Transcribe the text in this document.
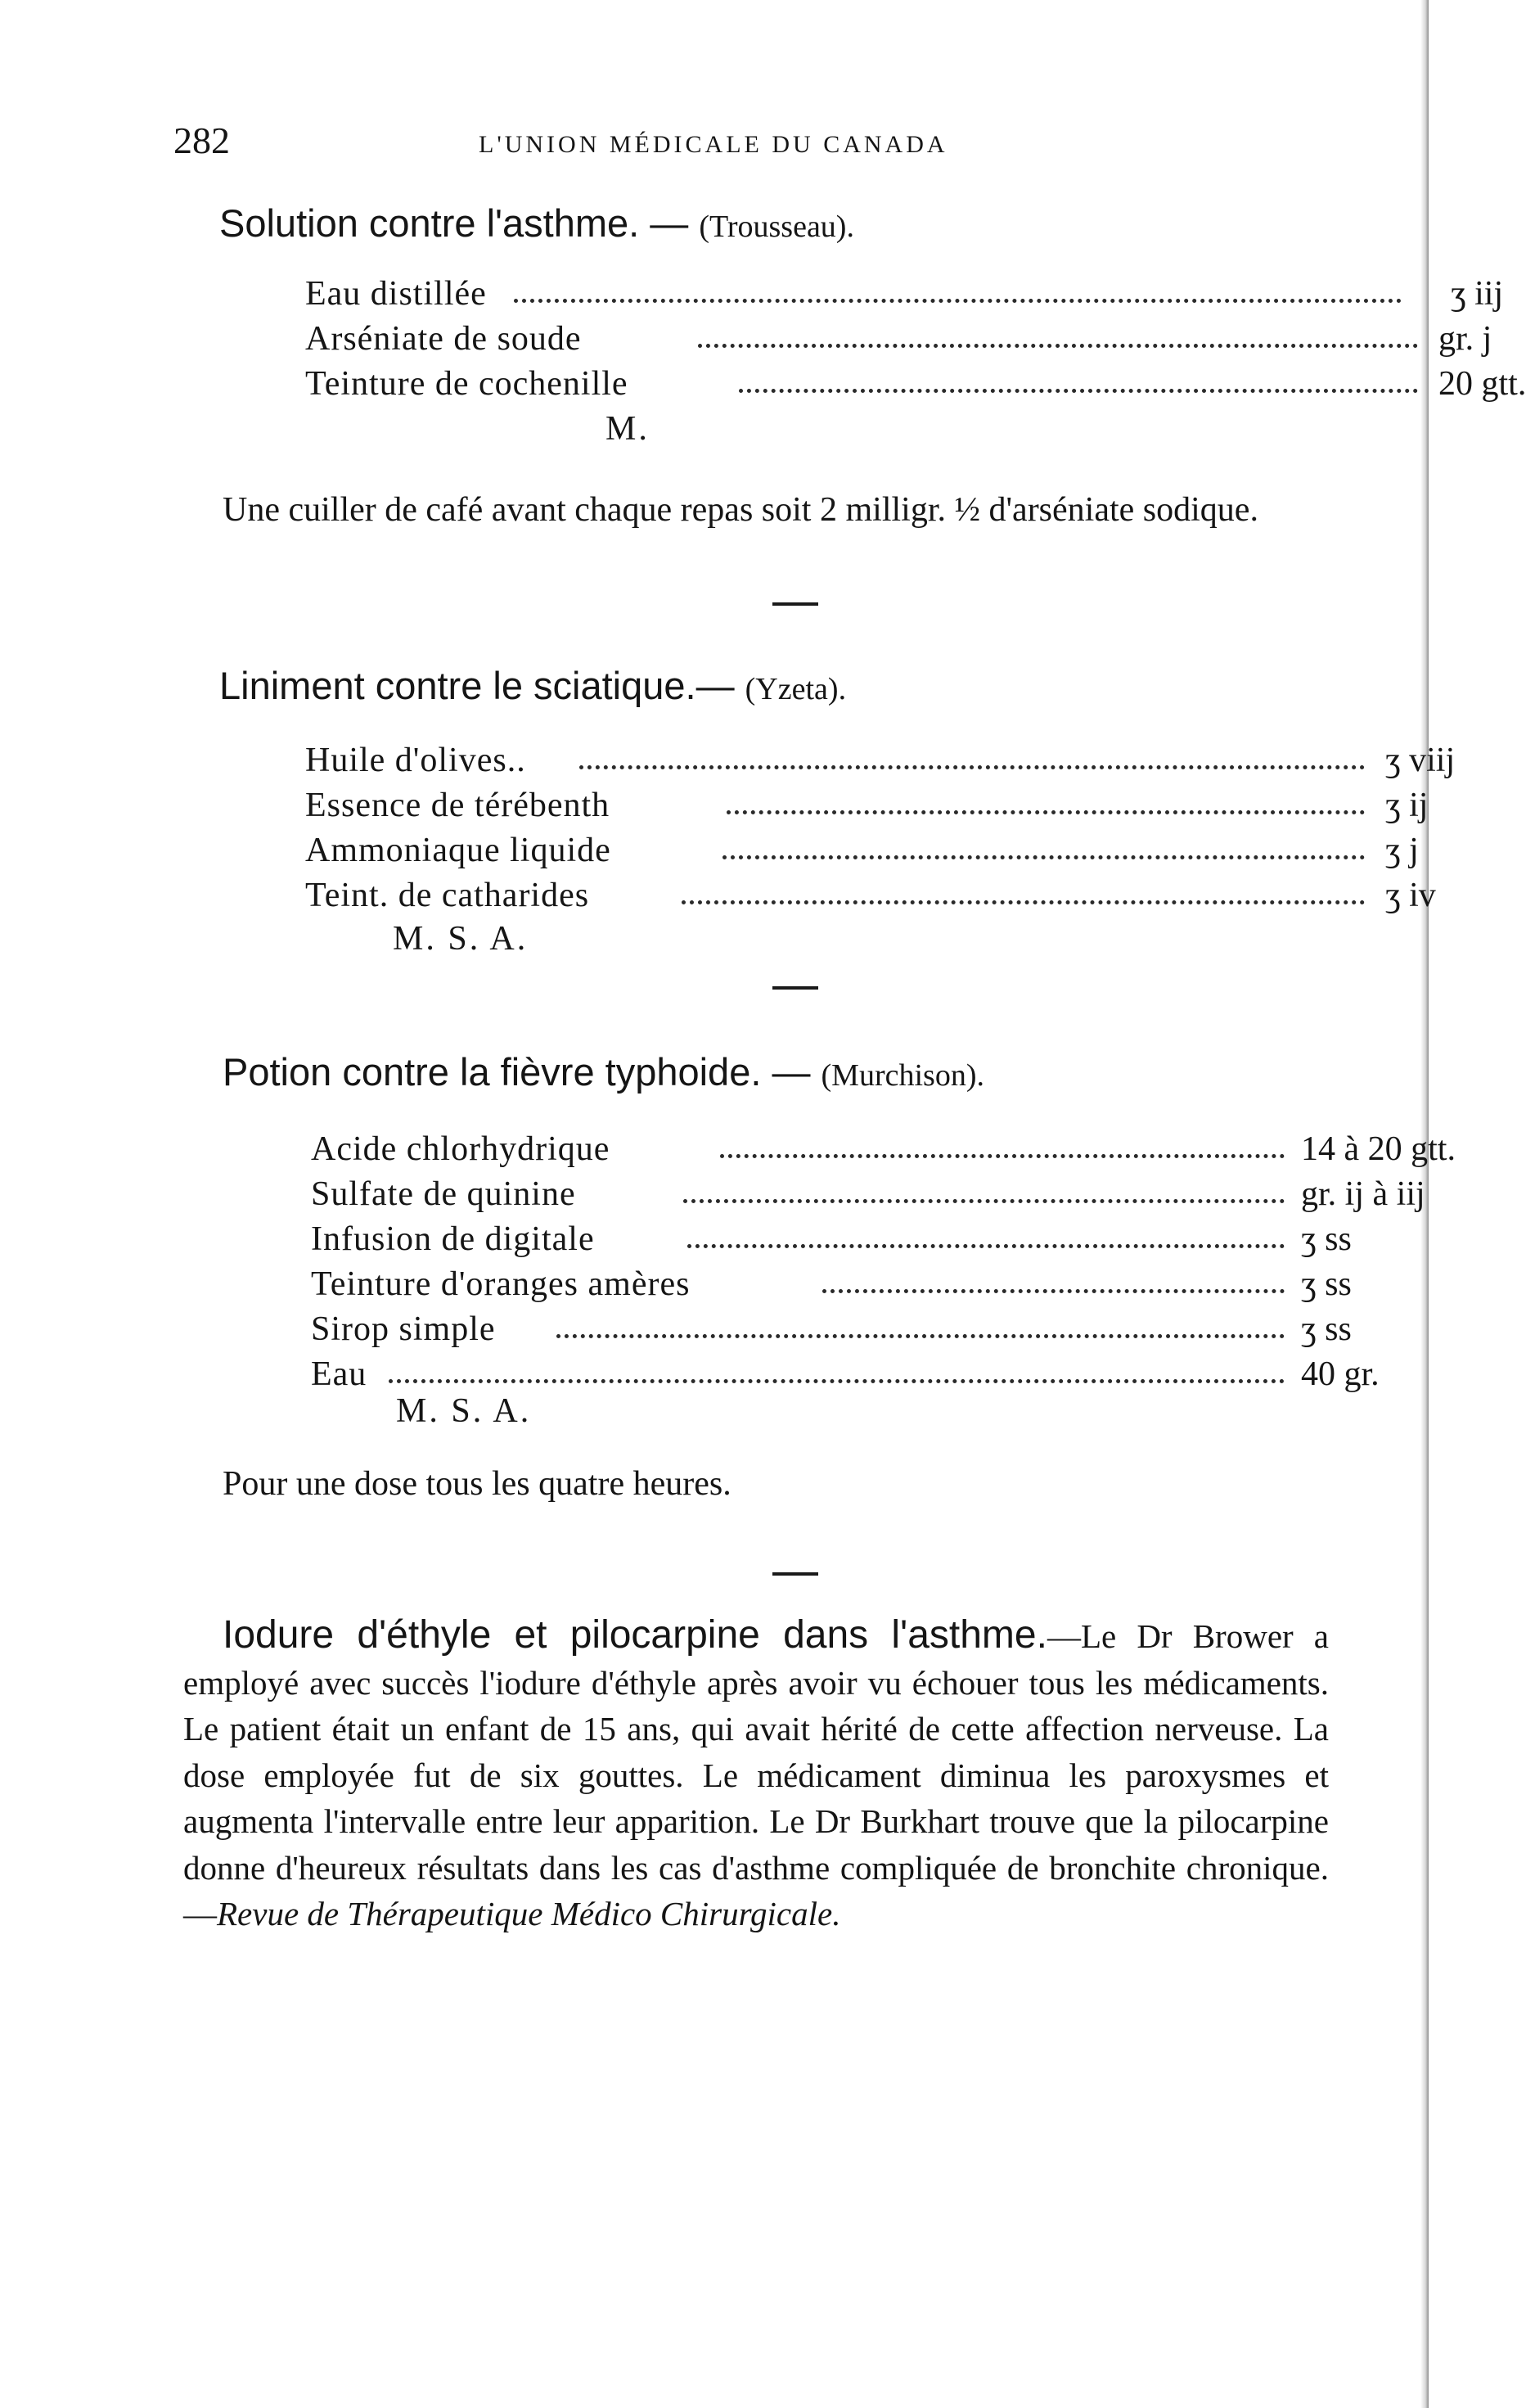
282	L'UNION MÉDICALE DU CANADA
Solution contre l'asthme. — (Trousseau).
Eau distillée	ʒ iij
Arséniate de soude	gr. j
Teinture de cochenille	20 gtt.
M.

Une cuiller de café avant chaque repas soit 2 milligr. ½ d'arséniate sodique.

Liniment contre le sciatique.— (Yzeta).
Huile d'olives..	ʒ viij
Essence de térébenth	ʒ ij
Ammoniaque liquide	ʒ j
Teint. de catharides	ʒ iv
M. S. A.
Potion contre la fièvre typhoide. — (Murchison).
Acide chlorhydrique	14 à 20 gtt.
Sulfate de quinine	gr. ij à iij
Infusion de digitale	ʒ ss
Teinture d'oranges amères	ʒ ss
Sirop simple	ʒ ss
Eau	40 gr.
M. S. A.

Pour une dose tous les quatre heures.

Iodure d'éthyle et pilocarpine dans l'asthme.—Le Dr Brower a employé avec succès l'iodure d'éthyle après avoir vu échouer tous les médicaments. Le patient était un enfant de 15 ans, qui avait hérité de cette affection nerveuse. La dose employée fut de six gouttes. Le médicament diminua les paroxysmes et augmenta l'intervalle entre leur apparition. Le Dr Burkhart trouve que la pilocarpine donne d'heureux résultats dans les cas d'asthme compliquée de bronchite chronique.—Revue de Thérapeutique Médico Chirurgicale.
